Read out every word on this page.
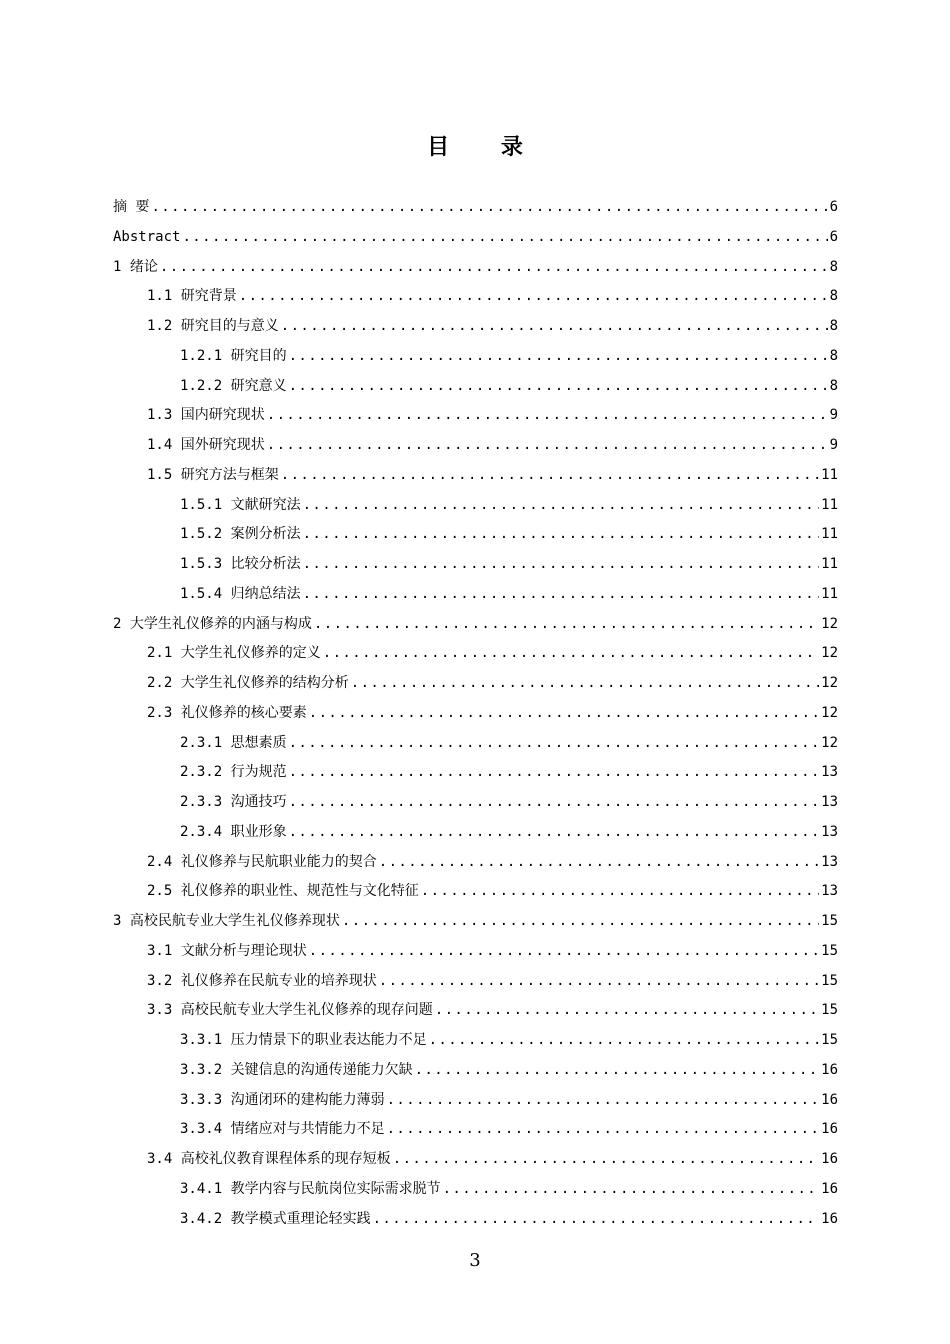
目 录
摘 要 . . .	6
Abstract . . .	6
1 绪论 . . .	8
1.1 研究背景 . . .	8
1.2 研究目的与意义 . . .	8
1.2.1 研究目的 . . .	8
1.2.2 研究意义 . . .	8
1.3 国内研究现状 . . .	9
1.4 国外研究现状 . . .	9
1.5 研究方法与框架 . . .	11
1.5.1 文献研究法 . . .	11
1.5.2 案例分析法 . . .	11
1.5.3 比较分析法 . . .	11
1.5.4 归纳总结法 . . .	11
2 大学生礼仪修养的内涵与构成 . . .	12
2.1 大学生礼仪修养的定义 . . .	12
2.2 大学生礼仪修养的结构分析 . . .	12
2.3 礼仪修养的核心要素 . . .	12
2.3.1 思想素质 . . .	12
2.3.2 行为规范 . . .	13
2.3.3 沟通技巧 . . .	13
2.3.4 职业形象 . . .	13
2.4 礼仪修养与民航职业能力的契合 . . .	13
2.5 礼仪修养的职业性、规范性与文化特征 . . .	13
3 高校民航专业大学生礼仪修养现状 . . .	15
3.1 文献分析与理论现状 . . .	15
3.2 礼仪修养在民航专业的培养现状 . . .	15
3.3 高校民航专业大学生礼仪修养的现存问题 . . .	15
3.3.1 压力情景下的职业表达能力不足 . . .	15
3.3.2 关键信息的沟通传递能力欠缺 . . .	16
3.3.3 沟通闭环的建构能力薄弱 . . .	16
3.3.4 情绪应对与共情能力不足 . . .	16
3.4 高校礼仪教育课程体系的现存短板 . . .	16
3.4.1 教学内容与民航岗位实际需求脱节 . . .	16
3.4.2 教学模式重理论轻实践 . . .	16
3
